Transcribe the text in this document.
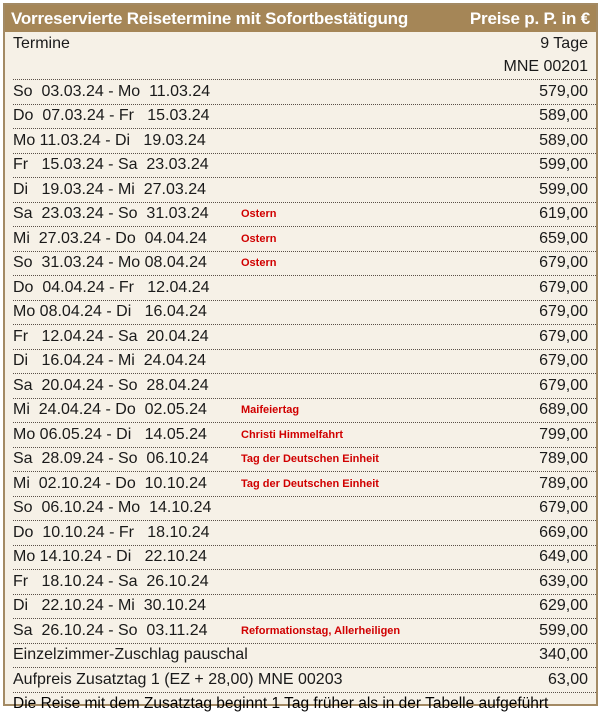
Vorreservierte Reisetermine mit Sofortbestätigung	Preise p. P. in €
Termine	9 Tage
MNE 00201
So  03.03.24 - Mo  11.03.24	579,00
Do  07.03.24 - Fr   15.03.24	589,00
Mo 11.03.24 - Di   19.03.24	589,00
Fr   15.03.24 - Sa  23.03.24	599,00
Di   19.03.24 - Mi  27.03.24	599,00
Sa  23.03.24 - So  31.03.24	Ostern	619,00
Mi  27.03.24 - Do  04.04.24	Ostern	659,00
So  31.03.24 - Mo 08.04.24	Ostern	679,00
Do  04.04.24 - Fr   12.04.24	679,00
Mo 08.04.24 - Di   16.04.24	679,00
Fr   12.04.24 - Sa  20.04.24	679,00
Di   16.04.24 - Mi  24.04.24	679,00
Sa  20.04.24 - So  28.04.24	679,00
Mi  24.04.24 - Do  02.05.24	Maifeiertag	689,00
Mo 06.05.24 - Di   14.05.24	Christi Himmelfahrt	799,00
Sa  28.09.24 - So  06.10.24	Tag der Deutschen Einheit	789,00
Mi  02.10.24 - Do  10.10.24	Tag der Deutschen Einheit	789,00
So  06.10.24 - Mo  14.10.24	679,00
Do  10.10.24 - Fr   18.10.24	669,00
Mo 14.10.24 - Di   22.10.24	649,00
Fr   18.10.24 - Sa  26.10.24	639,00
Di   22.10.24 - Mi  30.10.24	629,00
Sa  26.10.24 - So  03.11.24	Reformationstag, Allerheiligen	599,00
Einzelzimmer-Zuschlag pauschal	340,00
Aufpreis Zusatztag 1 (EZ + 28,00) MNE 00203	63,00
Die Reise mit dem Zusatztag beginnt 1 Tag früher als in der Tabelle aufgeführt
